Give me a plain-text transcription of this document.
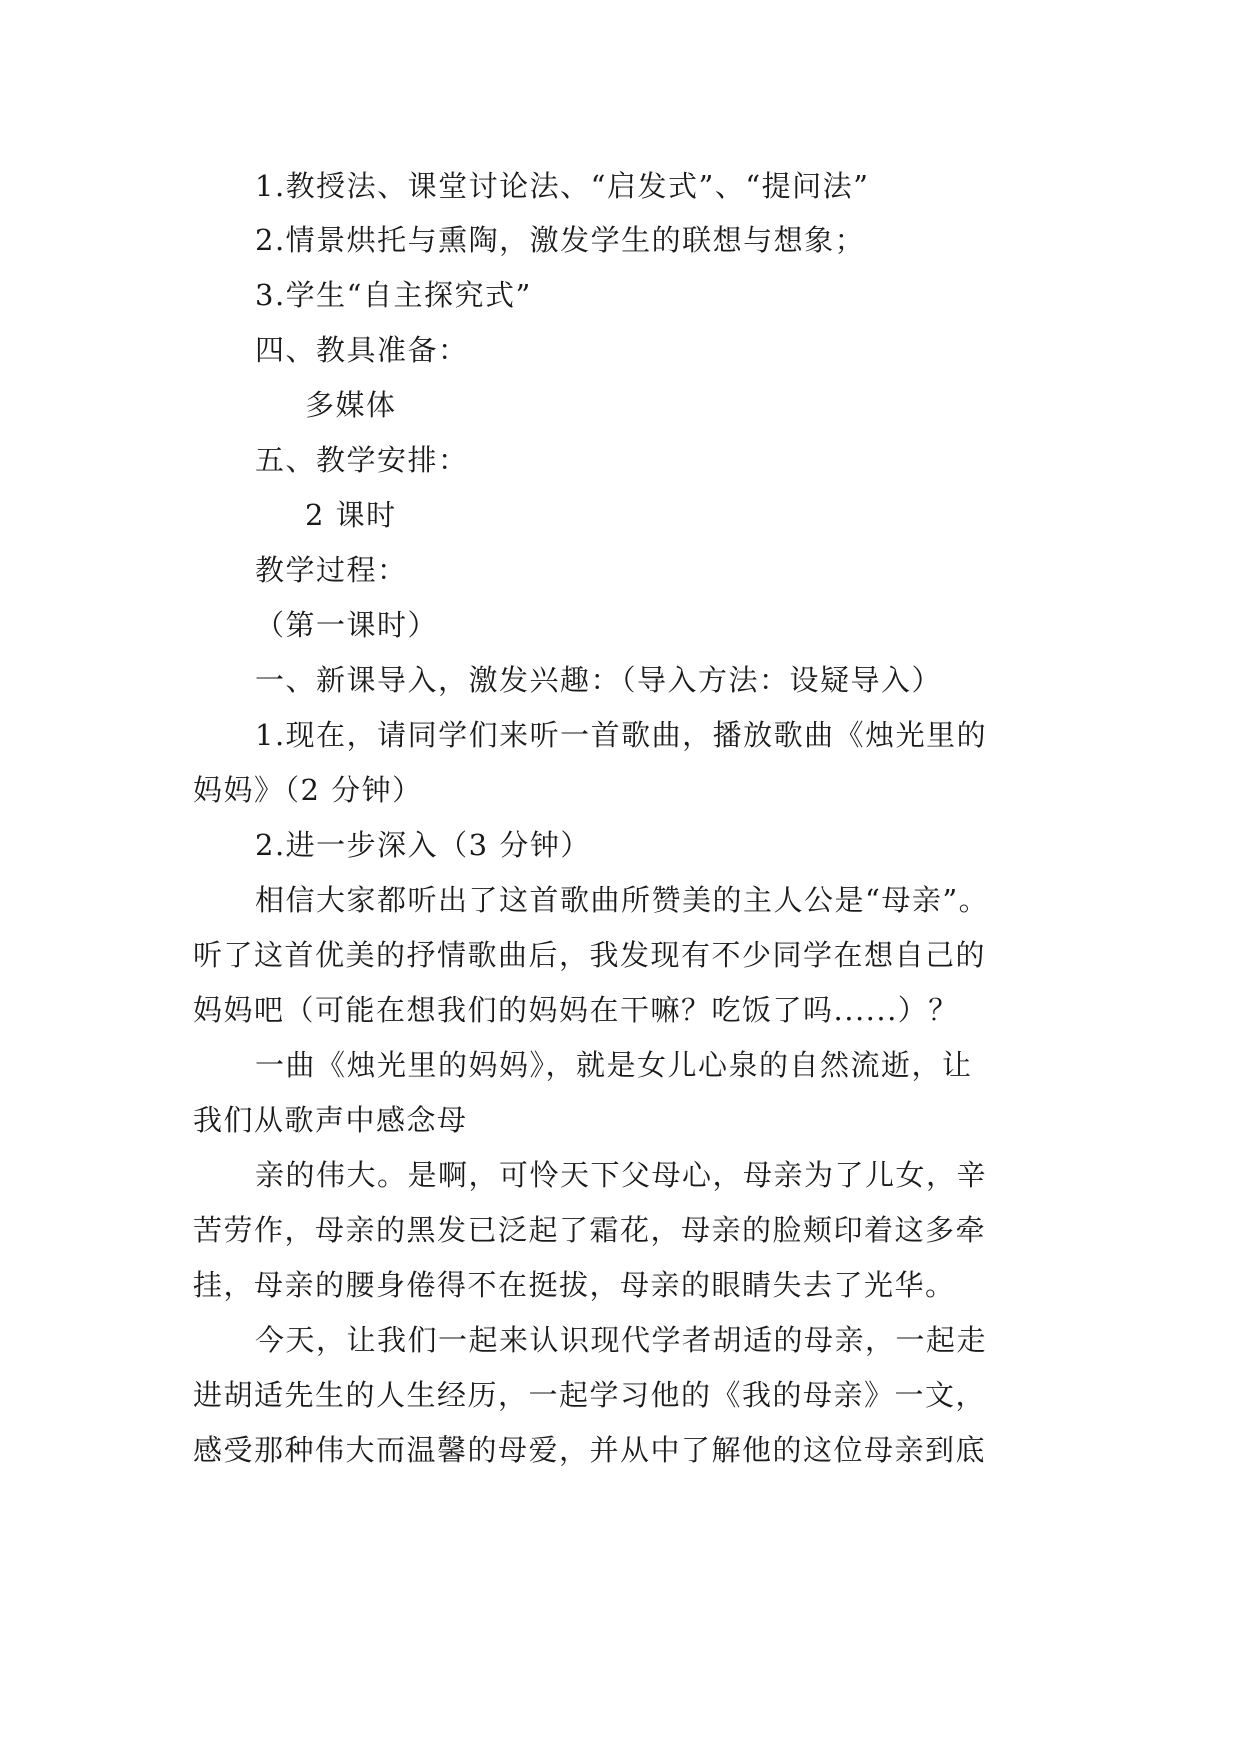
1.教授法、课堂讨论法、“启发式”、“提问法”
2.情景烘托与熏陶，激发学生的联想与想象；
3.学生“自主探究式”
四、教具准备：
多媒体
五、教学安排：
2 课时
教学过程：
（第一课时）
一、新课导入，激发兴趣：（导入方法：设疑导入）
1.现在，请同学们来听一首歌曲，播放歌曲《烛光里的
妈妈》（2 分钟）
2.进一步深入（3 分钟）
相信大家都听出了这首歌曲所赞美的主人公是“母亲”。
听了这首优美的抒情歌曲后，我发现有不少同学在想自己的
妈妈吧（可能在想我们的妈妈在干嘛？吃饭了吗......）？
一曲《烛光里的妈妈》，就是女儿心泉的自然流逝，让
我们从歌声中感念母
亲的伟大。是啊，可怜天下父母心，母亲为了儿女，辛
苦劳作，母亲的黑发已泛起了霜花，母亲的脸颊印着这多牵
挂，母亲的腰身倦得不在挺拔，母亲的眼睛失去了光华。
今天，让我们一起来认识现代学者胡适的母亲，一起走
进胡适先生的人生经历，一起学习他的《我的母亲》一文，
感受那种伟大而温馨的母爱，并从中了解他的这位母亲到底
